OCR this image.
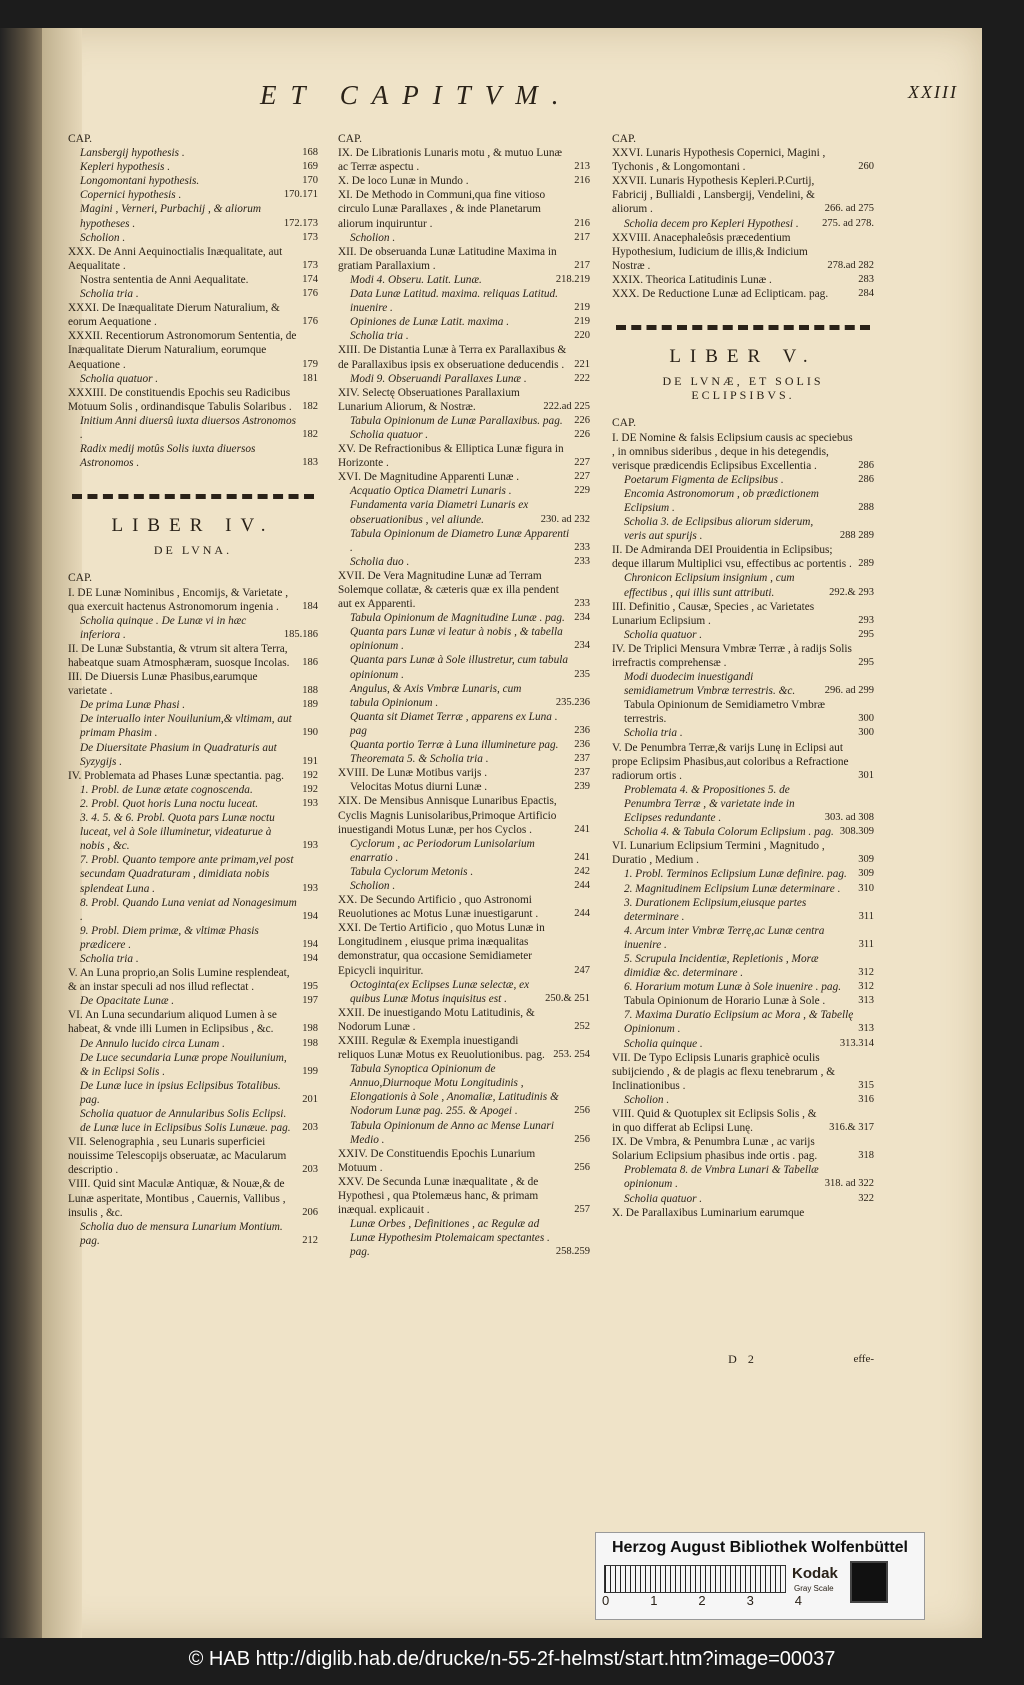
ET CAPITVM.	XXIII
CAP.
Lansbergij hypothesis .	168
Kepleri hypothesis .	169
Longomontani hypothesis.	170
Copernici hypothesis .	170.171
Magini , Verneri, Purbachij , & aliorum hypotheses .	172.173
Scholion .	173
XXX. De Anni Aequinoctialis Inæqualitate, aut Aequalitate .	173
Nostra sententia de Anni Aequalitate.	174
Scholia tria .	176
XXXI. De Inæqualitate Dierum Naturalium, & eorum Aequatione .	176
XXXII. Recentiorum Astronomorum Sententia, de Inæqualitate Dierum Naturalium, eorumque Aequatione .	179
Scholia quatuor .	181
XXXIII. De constituendis Epochis seu Radicibus Motuum Solis , ordinandisque Tabulis Solaribus .	182
Initium Anni diuersû iuxta diuersos Astronomos .	182
Radix medij motûs Solis iuxta diuersos Astronomos .	183
LIBER IV.
DE LVNA.
CAP.
I. DE Lunæ Nominibus , Encomijs, & Varietate , qua exercuit hactenus Astronomorum ingenia .	184
Scholia quinque . De Lunæ vi in hæc inferiora .	185.186
II. De Lunæ Substantia, & vtrum sit altera Terra, habeatque suam Atmosphæram, suosque Incolas.	186
III. De Diuersis Lunæ Phasibus,earumque varietate .	188
De prima Lunæ Phasi .	189
De interuallo inter Nouilunium,& vltimam, aut primam Phasim .	190
De Diuersitate Phasium in Quadraturis aut Syzygijs .	191
IV. Problemata ad Phases Lunæ spectantia. pag.	192
1. Probl. de Lunæ ætate cognoscenda.	192
2. Probl. Quot horis Luna noctu luceat.	193
3. 4. 5. & 6. Probl. Quota pars Lunæ noctu luceat, vel à Sole illuminetur, videaturue à nobis , &c.	193
7. Probl. Quanto tempore ante primam,vel post secundam Quadraturam , dimidiata nobis splendeat Luna .	193
8. Probl. Quando Luna veniat ad Nonagesimum .	194
9. Probl. Diem primæ, & vltimæ Phasis prædicere .	194
Scholia tria .	194
V. An Luna proprio,an Solis Lumine resplendeat, & an instar speculi ad nos illud reflectat .	195
De Opacitate Lunæ .	197
VI. An Luna secundarium aliquod Lumen à se habeat, & vnde illi Lumen in Eclipsibus , &c.	198
De Annulo lucido circa Lunam .	198
De Luce secundaria Lunæ prope Nouilunium, & in Eclipsi Solis .	199
De Lunæ luce in ipsius Eclipsibus Totalibus. pag.	201
Scholia quatuor de Annularibus Solis Eclipsi. de Lunæ luce in Eclipsibus Solis Lunæue. pag.	203
VII. Selenographia , seu Lunaris superficiei nouissime Telescopijs obseruatæ, ac Macularum descriptio .	203
VIII. Quid sint Maculæ Antiquæ, & Nouæ,& de Lunæ asperitate, Montibus , Cauernis, Vallibus , insulis , &c.	206
Scholia duo de mensura Lunarium Montium. pag.	212
CAP.
IX. De Librationis Lunaris motu , & mutuo Lunæ ac Terræ aspectu .	213
X. De loco Lunæ in Mundo .	216
XI. De Methodo in Communi,qua fine vitioso circulo Lunæ Parallaxes , & inde Planetarum aliorum inquiruntur .	216
Scholion .	217
XII. De obseruanda Lunæ Latitudine Maxima in gratiam Parallaxium .	217
Modi 4. Obseru. Latit. Lunæ.	218.219
Data Lunæ Latitud. maxima. reliquas Latitud. inuenire .	219
Opiniones de Lunæ Latit. maxima .	219
Scholia tria .	220
XIII. De Distantia Lunæ à Terra ex Parallaxibus & de Parallaxibus ipsis ex obseruatione deducendis . 221
Modi 9. Obseruandi Parallaxes Lunæ .	222
XIV. Selectę Obseruationes Parallaxium Lunarium Aliorum, & Nostræ.	222.ad 225
Tabula Opinionum de Lunæ Parallaxibus. pag.	226
Scholia quatuor .	226
XV. De Refractionibus & Elliptica Lunæ figura in Horizonte .	227
XVI. De Magnitudine Apparenti Lunæ .	227
Acquatio Optica Diametri Lunaris .	229
Fundamenta varia Diametri Lunaris ex obseruationibus , vel aliunde.	230. ad 232
Tabula Opinionum de Diametro Lunæ Apparenti .	233
Scholia duo .	233
XVII. De Vera Magnitudine Lunæ ad Terram Solemque collatæ, & cæteris quæ ex illa pendent aut ex Apparenti.	233
Tabula Opinionum de Magnitudine Lunæ . pag. 234
Quanta pars Lunæ vi leatur à nobis , & tabella opinionum .	234
Quanta pars Lunæ à Sole illustretur, cum tabula opinionum .	235
Angulus, & Axis Vmbræ Lunaris, cum tabula Opinionum .	235.236
Quanta sit Diamet Terræ , apparens ex Luna . pag	236
Quanta portio Terræ à Luna illumineture pag.	236
Theoremata 5. & Scholia tria .	237
XVIII. De Lunæ Motibus varijs .	237
Velocitas Motus diurni Lunæ .	239
XIX. De Mensibus Annisque Lunaribus Epactis, Cyclis Magnis Lunisolaribus,Primoque Artificio inuestigandi Motus Lunæ, per hos Cyclos .	241
Cyclorum , ac Periodorum Lunisolarium enarratio .	241
Tabula Cyclorum Metonis .	242
Scholion .	244
XX. De Secundo Artificio , quo Astronomi Reuolutiones ac Motus Lunæ inuestigarunt .	244
XXI. De Tertio Artificio , quo Motus Lunæ in Longitudinem , eiusque prima inæqualitas demonstratur, qua occasione Semidiameter Epicycli inquiritur.	247
Octoginta(ex Eclipses Lunæ selectæ, ex quibus Lunæ Motus inquisitus est .	250.& 251
XXII. De inuestigando Motu Latitudinis, & Nodorum Lunæ .	252
XXIII. Regulæ & Exempla inuestigandi reliquos Lunæ Motus ex Reuolutionibus. pag. 253. 254
Tabula Synoptica Opinionum de Annuo,Diurnoque Motu Longitudinis , Elongationis à Sole , Anomaliæ, Latitudinis & Nodorum Lunæ pag. 255. & Apogei .	256
Tabula Opinionum de Anno ac Mense Lunari Medio .	256
XXIV. De Constituendis Epochis Lunarium Motuum .	256
XXV. De Secunda Lunæ inæqualitate , & de Hypothesi , qua Ptolemæus hanc, & primam inæqual. explicauit .	257
Lunæ Orbes , Definitiones , ac Regulæ ad Lunæ Hypothesim Ptolemaicam spectantes . pag.	258.259
CAP.
XXVI. Lunaris Hypothesis Copernici, Magini , Tychonis , & Longomontani .	260
XXVII. Lunaris Hypothesis Kepleri.P.Curtij, Fabricij , Bullialdi , Lansbergij, Vendelini, & aliorum .	266. ad 275
Scholia decem pro Kepleri Hypothesi .	275. ad 278.
XXVIII. Anacephaleôsis præcedentium Hypothesium, Iudicium de illis,& Indicium Nostræ .	278.ad 282
XXIX. Theorica Latitudinis Lunæ .	283
XXX. De Reductione Lunæ ad Eclipticam. pag.	284
LIBER V.
DE LVNÆ, ET SOLIS ECLIPSIBVS.
CAP.
I. DE Nomine & falsis Eclipsium causis ac speciebus , in omnibus sideribus , deque in his detegendis, verisque prædicendis Eclipsibus Excellentia .	286
Poetarum Figmenta de Eclipsibus .	286
Encomia Astronomorum , ob prædictionem Eclipsium .	288
Scholia 3. de Eclipsibus aliorum siderum, veris aut spurijs .	288 289
II. De Admiranda DEI Prouidentia in Eclipsibus; deque illarum Multiplici vsu, effectibus ac portentis . 289
Chronicon Eclipsium insignium , cum effectibus , qui illis sunt attributi.	292.& 293
III. Definitio , Causæ, Species , ac Varietates Lunarium Eclipsium .	293
Scholia quatuor .	295
IV. De Triplici Mensura Vmbræ Terræ , à radijs Solis irrefractis comprehensæ .	295
Modi duodecim inuestigandi semidiametrum Vmbræ terrestris. &c.	296. ad 299
Tabula Opinionum de Semidiametro Vmbræ terrestris.	300
Scholia tria .	300
V. De Penumbra Terræ,& varijs Lunę in Eclipsi aut prope Eclipsim Phasibus,aut coloribus a Refractione radiorum ortis .	301
Problemata 4. & Propositiones 5. de Penumbra Terræ , & varietate inde in Eclipses redundante .	303. ad 308
Scholia 4. & Tabula Colorum Eclipsium . pag. 308.309
VI. Lunarium Eclipsium Termini , Magnitudo , Duratio , Medium .	309
1. Probl. Terminos Eclipsium Lunæ definire. pag.	309
2. Magnitudinem Eclipsium Lunæ determinare .	310
3. Durationem Eclipsium,eiusque partes determinare .	311
4. Arcum inter Vmbræ Terrę,ac Lunæ centra inuenire .	311
5. Scrupula Incidentiæ, Repletionis , Moræ dimidiæ &c. determinare .	312
6. Horarium motum Lunæ à Sole inuenire . pag.	312
Tabula Opinionum de Horario Lunæ à Sole .	313
7. Maxima Duratio Eclipsium ac Mora , & Tabellę Opinionum .	313
Scholia quinque .	313.314
VII. De Typo Eclipsis Lunaris graphicè oculis subijciendo , & de plagis ac flexu tenebrarum , & Inclinationibus .	315
Scholion .	316
VIII. Quid & Quotuplex sit Eclipsis Solis , & in quo differat ab Eclipsi Lunę.	316.& 317
IX. De Vmbra, & Penumbra Lunæ , ac varijs Solarium Eclipsium phasibus inde ortis . pag.	318
Problemata 8. de Vmbra Lunari & Tabellæ opinionum .	318. ad 322
Scholia quatuor .	322
X. De Parallaxibus Luminarium earumque
D 2	effe-
Herzog August Bibliothek Wolfenbüttel
0	1	2	3	4
Kodak
Gray Scale
© HAB http://diglib.hab.de/drucke/n-55-2f-helmst/start.htm?image=00037
